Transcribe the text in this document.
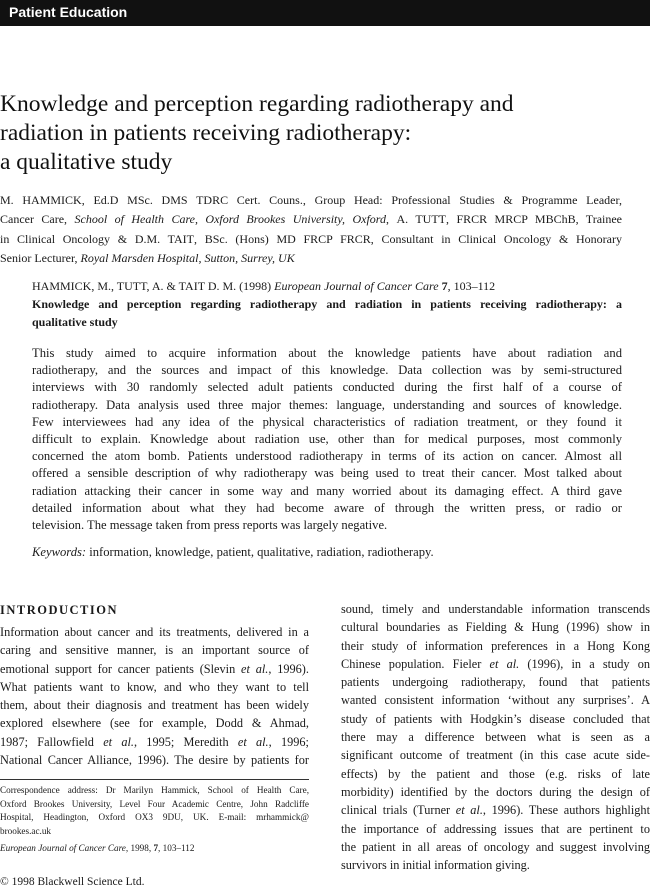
Patient Education
Knowledge and perception regarding radiotherapy and
radiation in patients receiving radiotherapy:
a qualitative study
M. HAMMICK, Ed.D MSc. DMS TDRC Cert. Couns., Group Head: Professional Studies & Programme Leader,
Cancer Care, School of Health Care, Oxford Brookes University, Oxford, A. TUTT, FRCR MRCP MBChB, Trainee
in Clinical Oncology & D.M. TAIT, BSc. (Hons) MD FRCP FRCR, Consultant in Clinical Oncology & Honorary
Senior Lecturer, Royal Marsden Hospital, Sutton, Surrey, UK
HAMMICK, M., TUTT, A. & TAIT D. M. (1998) European Journal of Cancer Care 7, 103–112
Knowledge and perception regarding radiotherapy and radiation in patients receiving radiotherapy: a
qualitative study
This study aimed to acquire information about the knowledge patients have about radiation and
radiotherapy, and the sources and impact of this knowledge. Data collection was by semi-structured
interviews with 30 randomly selected adult patients conducted during the first half of a course of
radiotherapy. Data analysis used three major themes: language, understanding and sources of knowledge.
Few interviewees had any idea of the physical characteristics of radiation treatment, or they found it
difficult to explain. Knowledge about radiation use, other than for medical purposes, most commonly
concerned the atom bomb. Patients understood radiotherapy in terms of its action on cancer. Almost all
offered a sensible description of why radiotherapy was being used to treat their cancer. Most talked about
radiation attacking their cancer in some way and many worried about its damaging effect. A third gave
detailed information about what they had become aware of through the written press, or radio or
television. The message taken from press reports was largely negative.
Keywords: information, knowledge, patient, qualitative, radiation, radiotherapy.
INTRODUCTION
Information about cancer and its treatments, delivered in a
caring and sensitive manner, is an important source of
emotional support for cancer patients (Slevin et al., 1996).
What patients want to know, and who they want to tell
them, about their diagnosis and treatment has been widely
explored elsewhere (see for example, Dodd & Ahmad,
1987; Fallowfield et al., 1995; Meredith et al., 1996;
National Cancer Alliance, 1996). The desire by patients for
sound, timely and understandable information transcends
cultural boundaries as Fielding & Hung (1996) show in
their study of information preferences in a Hong Kong
Chinese population. Fieler et al. (1996), in a study on
patients undergoing radiotherapy, found that patients
wanted consistent information ‘without any surprises’. A
study of patients with Hodgkin’s disease concluded that
there may a difference between what is seen as a
significant outcome of treatment (in this case acute side-
effects) by the patient and those (e.g. risks of late
morbidity) identified by the doctors during the design of
clinical trials (Turner et al., 1996). These authors highlight
the importance of addressing issues that are pertinent to
the patient in all areas of oncology and suggest involving
survivors in initial information giving.
Correspondence address: Dr Marilyn Hammick, School of Health Care,
Oxford Brookes University, Level Four Academic Centre, John Radcliffe
Hospital, Headington, Oxford OX3 9DU, UK. E-mail: mrhammick@
brookes.ac.uk
European Journal of Cancer Care, 1998, 7, 103–112
© 1998 Blackwell Science Ltd.
